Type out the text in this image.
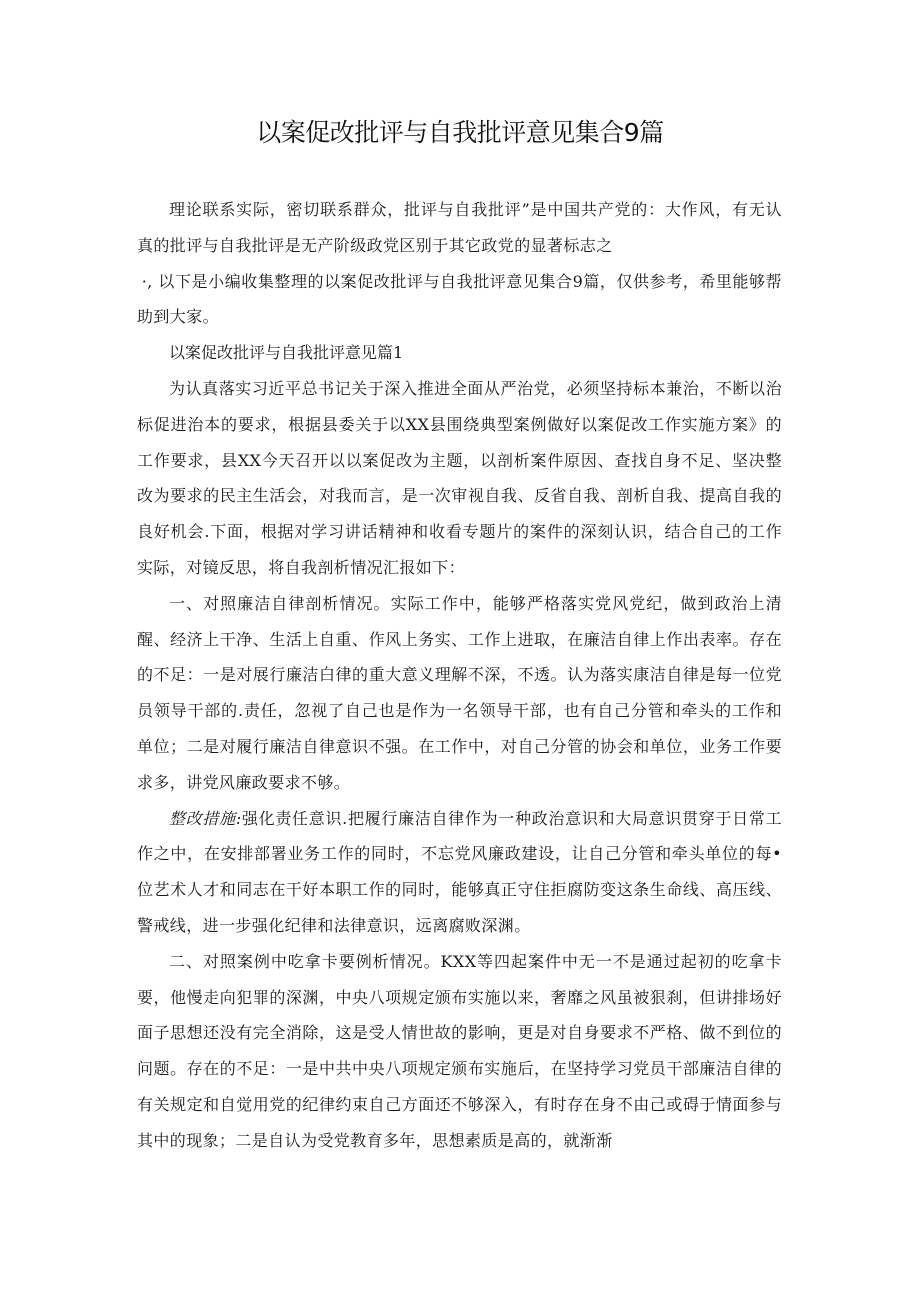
以案促改批评与自我批评意见集合9篇

理论联系实际，密切联系群众，批评与自我批评”是中国共产党的：大作风，有无认真的批评与自我批评是无产阶级政党区别于其它政党的显著标志之

·, 以下是小编收集整理的以案促改批评与自我批评意见集合9篇，仅供参考，希里能够帮助到大家。

以案促改批评与自我批评意见篇1

为认真落实习近平总书记关于深入推进全面从严治党，必须坚持标本兼治，不断以治标促进治本的要求，根据县委关于以XX县围绕典型案例做好以案促改工作实施方案》的工作要求，县XX今天召开以以案促改为主题，以剖析案件原因、查找自身不足、坚决整改为要求的民主生活会，对我而言，是一次审视自我、反省自我、剖析自我、提高自我的良好机会.下面，根据对学习讲话精神和收看专题片的案件的深刻认识，结合自己的工作实际，对镜反思，将自我剖析情况汇报如下：

一、对照廉洁自律剖析情况。实际工作中，能够严格落实党风党纪，做到政治上清醒、经济上干净、生活上自重、作风上务实、工作上进取，在廉洁自律上作出表率。存在的不足：一是对展行廉洁白律的重大意义理解不深，不透。认为落实康洁自律是每一位党员领导干部的.责任，忽视了自己也是作为一名领导干部，也有自己分管和牵头的工作和单位；二是对履行廉洁自律意识不强。在工作中，对自己分管的协会和单位，业务工作要求多，讲党风廉政要求不够。

整改措施:强化责任意识.把履行廉洁自律作为一种政治意识和大局意识贯穿于日常工作之中，在安排部署业务工作的同时，不忘党风廉政建设，让自己分管和牵头单位的每•位艺术人才和同志在干好本职工作的同时，能够真正守住拒腐防变这条生命线、高压线、警戒线，进一步强化纪律和法律意识，远离腐败深渊。

二、对照案例中吃拿卡要例析情况。KXX等四起案件中无一不是通过起初的吃拿卡要，他慢走向犯罪的深渊，中央八项规定颁布实施以来，奢靡之风虽被狠刹，但讲排场好面子思想还没有完全消除，这是受人情世故的影响，更是对自身要求不严格、做不到位的问题。存在的不足：一是中共中央八项规定颁布实施后，在坚持学习党员干部廉洁自律的有关规定和自觉用党的纪律约束自己方面还不够深入，有时存在身不由己或碍于情面参与其中的现象；二是自认为受党教育多年，思想素质是高的，就渐渐
